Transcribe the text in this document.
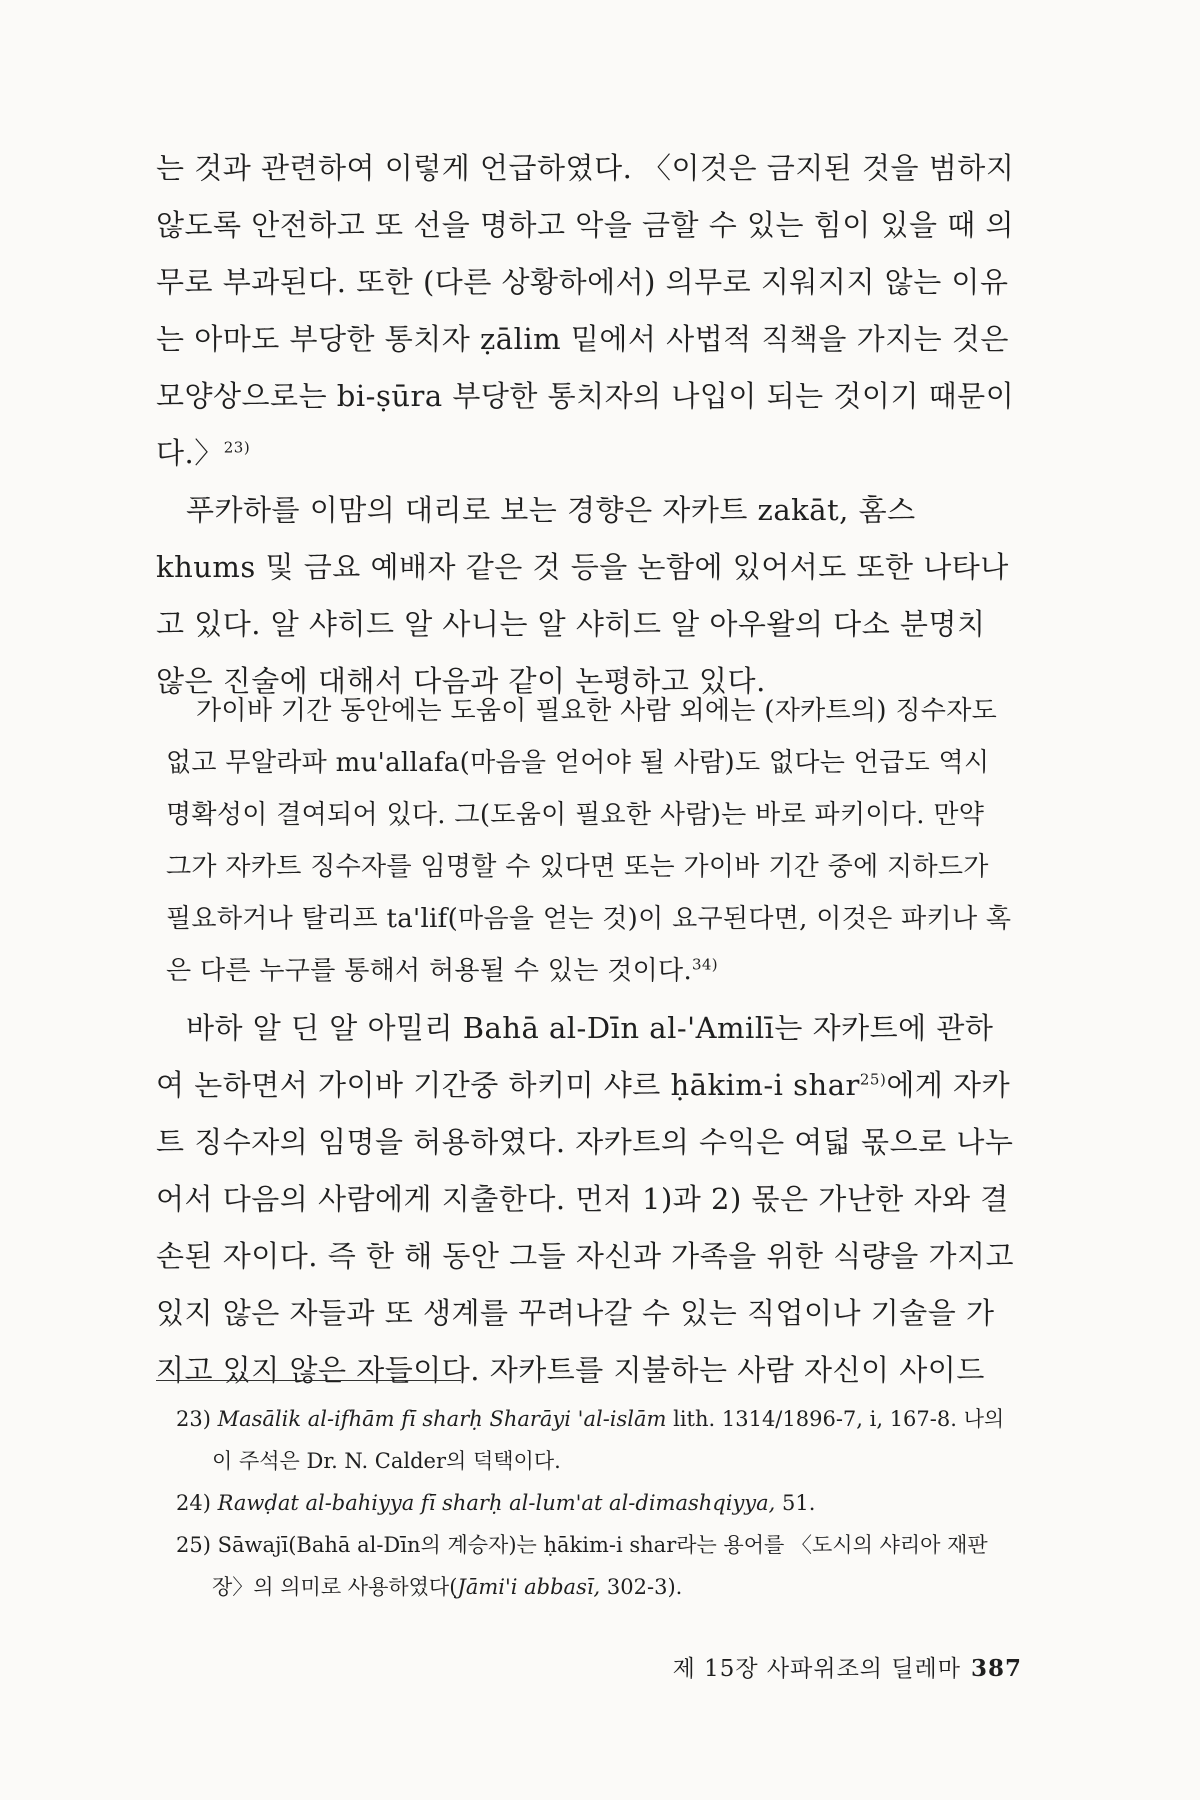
는 것과 관련하여 이렇게 언급하였다. 〈이것은 금지된 것을 범하지 않도록 안전하고 또 선을 명하고 악을 금할 수 있는 힘이 있을 때 의무로 부과된다. 또한 (다른 상황하에서) 의무로 지워지지 않는 이유는 아마도 부당한 통치자 ẓālim 밑에서 사법적 직책을 가지는 것은 모양상으로는 bi-ṣūra 부당한 통치자의 나입이 되는 것이기 때문이다.〉$^{23)}$

푸카하를 이맘의 대리로 보는 경향은 자카트 zakāt, 홈스 khums 및 금요 예배자 같은 것 등을 논함에 있어서도 또한 나타나고 있다. 알 샤히드 알 사니는 알 샤히드 알 아우왈의 다소 분명치 않은 진술에 대해서 다음과 같이 논평하고 있다.

가이바 기간 동안에는 도움이 필요한 사람 외에는 (자카트의) 징수자도 없고 무알라파 mu'allafa(마음을 얻어야 될 사람)도 없다는 언급도 역시 명확성이 결여되어 있다. 그(도움이 필요한 사람)는 바로 파키이다. 만약 그가 자카트 징수자를 임명할 수 있다면 또는 가이바 기간 중에 지하드가 필요하거나 탈리프 ta'lif(마음을 얻는 것)이 요구된다면, 이것은 파키나 혹은 다른 누구를 통해서 허용될 수 있는 것이다.$^{34)}$

바하 알 딘 알 아밀리 Bahā al-Dīn al-'Amilī는 자카트에 관하여 논하면서 가이바 기간중 하키미 샤르 ḥākim-i shar$^{25)}$에게 자카트 징수자의 임명을 허용하였다. 자카트의 수익은 여덟 몫으로 나누어서 다음의 사람에게 지출한다. 먼저 1)과 2) 몫은 가난한 자와 결손된 자이다. 즉 한 해 동안 그들 자신과 가족을 위한 식량을 가지고 있지 않은 자들과 또 생계를 꾸려나갈 수 있는 직업이나 기술을 가지고 있지 않은 자들이다. 자카트를 지불하는 사람 자신이 사이드

23) Masālik al-ifhām fī sharḥ Sharāyi 'al-islām lith. 1314/1896-7, i, 167-8. 나의 이 주석은 Dr. N. Calder의 덕택이다.

24) Rawḍat al-bahiyya fī sharḥ al-lum'at al-dimashqiyya, 51.

25) Sāwajī(Bahā al-Dīn의 계승자)는 ḥākim-i shar라는 용어를 〈도시의 샤리아 재판장〉의 의미로 사용하였다(Jāmi'i abbasī, 302-3).

제 15장 사파위조의 딜레마 387
